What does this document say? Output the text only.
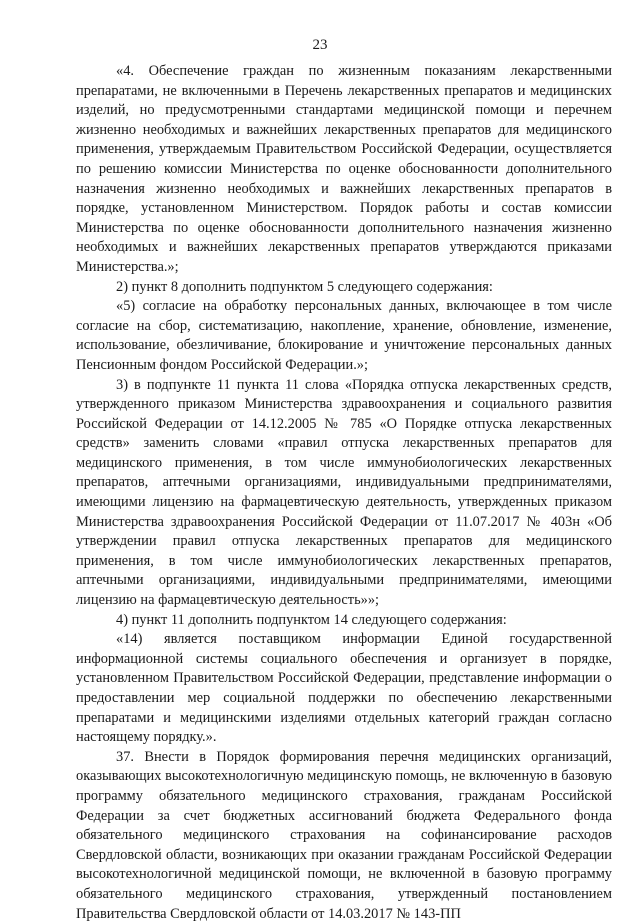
23

«4. Обеспечение граждан по жизненным показаниям лекарственными препаратами, не включенными в Перечень лекарственных препаратов и медицинских изделий, но предусмотренными стандартами медицинской помощи и перечнем жизненно необходимых и важнейших лекарственных препаратов для медицинского применения, утверждаемым Правительством Российской Федерации, осуществляется по решению комиссии Министерства по оценке обоснованности дополнительного назначения жизненно необходимых и важнейших лекарственных препаратов в порядке, установленном Министерством. Порядок работы и состав комиссии Министерства по оценке обоснованности дополнительного назначения жизненно необходимых и важнейших лекарственных препаратов утверждаются приказами Министерства.»;

2) пункт 8 дополнить подпунктом 5 следующего содержания:

«5) согласие на обработку персональных данных, включающее в том числе согласие на сбор, систематизацию, накопление, хранение, обновление, изменение, использование, обезличивание, блокирование и уничтожение персональных данных Пенсионным фондом Российской Федерации.»;

3) в подпункте 11 пункта 11 слова «Порядка отпуска лекарственных средств, утвержденного приказом Министерства здравоохранения и социального развития Российской Федерации от 14.12.2005 № 785 «О Порядке отпуска лекарственных средств» заменить словами «правил отпуска лекарственных препаратов для медицинского применения, в том числе иммунобиологических лекарственных препаратов, аптечными организациями, индивидуальными предпринимателями, имеющими лицензию на фармацевтическую деятельность, утвержденных приказом Министерства здравоохранения Российской Федерации от 11.07.2017 № 403н «Об утверждении правил отпуска лекарственных препаратов для медицинского применения, в том числе иммунобиологических лекарственных препаратов, аптечными организациями, индивидуальными предпринимателями, имеющими лицензию на фармацевтическую деятельность»»;

4) пункт 11 дополнить подпунктом 14 следующего содержания:

«14) является поставщиком информации Единой государственной информационной системы социального обеспечения и организует в порядке, установленном Правительством Российской Федерации, представление информации о предоставлении мер социальной поддержки по обеспечению лекарственными препаратами и медицинскими изделиями отдельных категорий граждан согласно настоящему порядку.».

37. Внести в Порядок формирования перечня медицинских организаций, оказывающих высокотехнологичную медицинскую помощь, не включенную в базовую программу обязательного медицинского страхования, гражданам Российской Федерации за счет бюджетных ассигнований бюджета Федерального фонда обязательного медицинского страхования на софинансирование расходов Свердловской области, возникающих при оказании гражданам Российской Федерации высокотехнологичной медицинской помощи, не включенной в базовую программу обязательного медицинского страхования, утвержденный постановлением Правительства Свердловской области от 14.03.2017 № 143-ПП
